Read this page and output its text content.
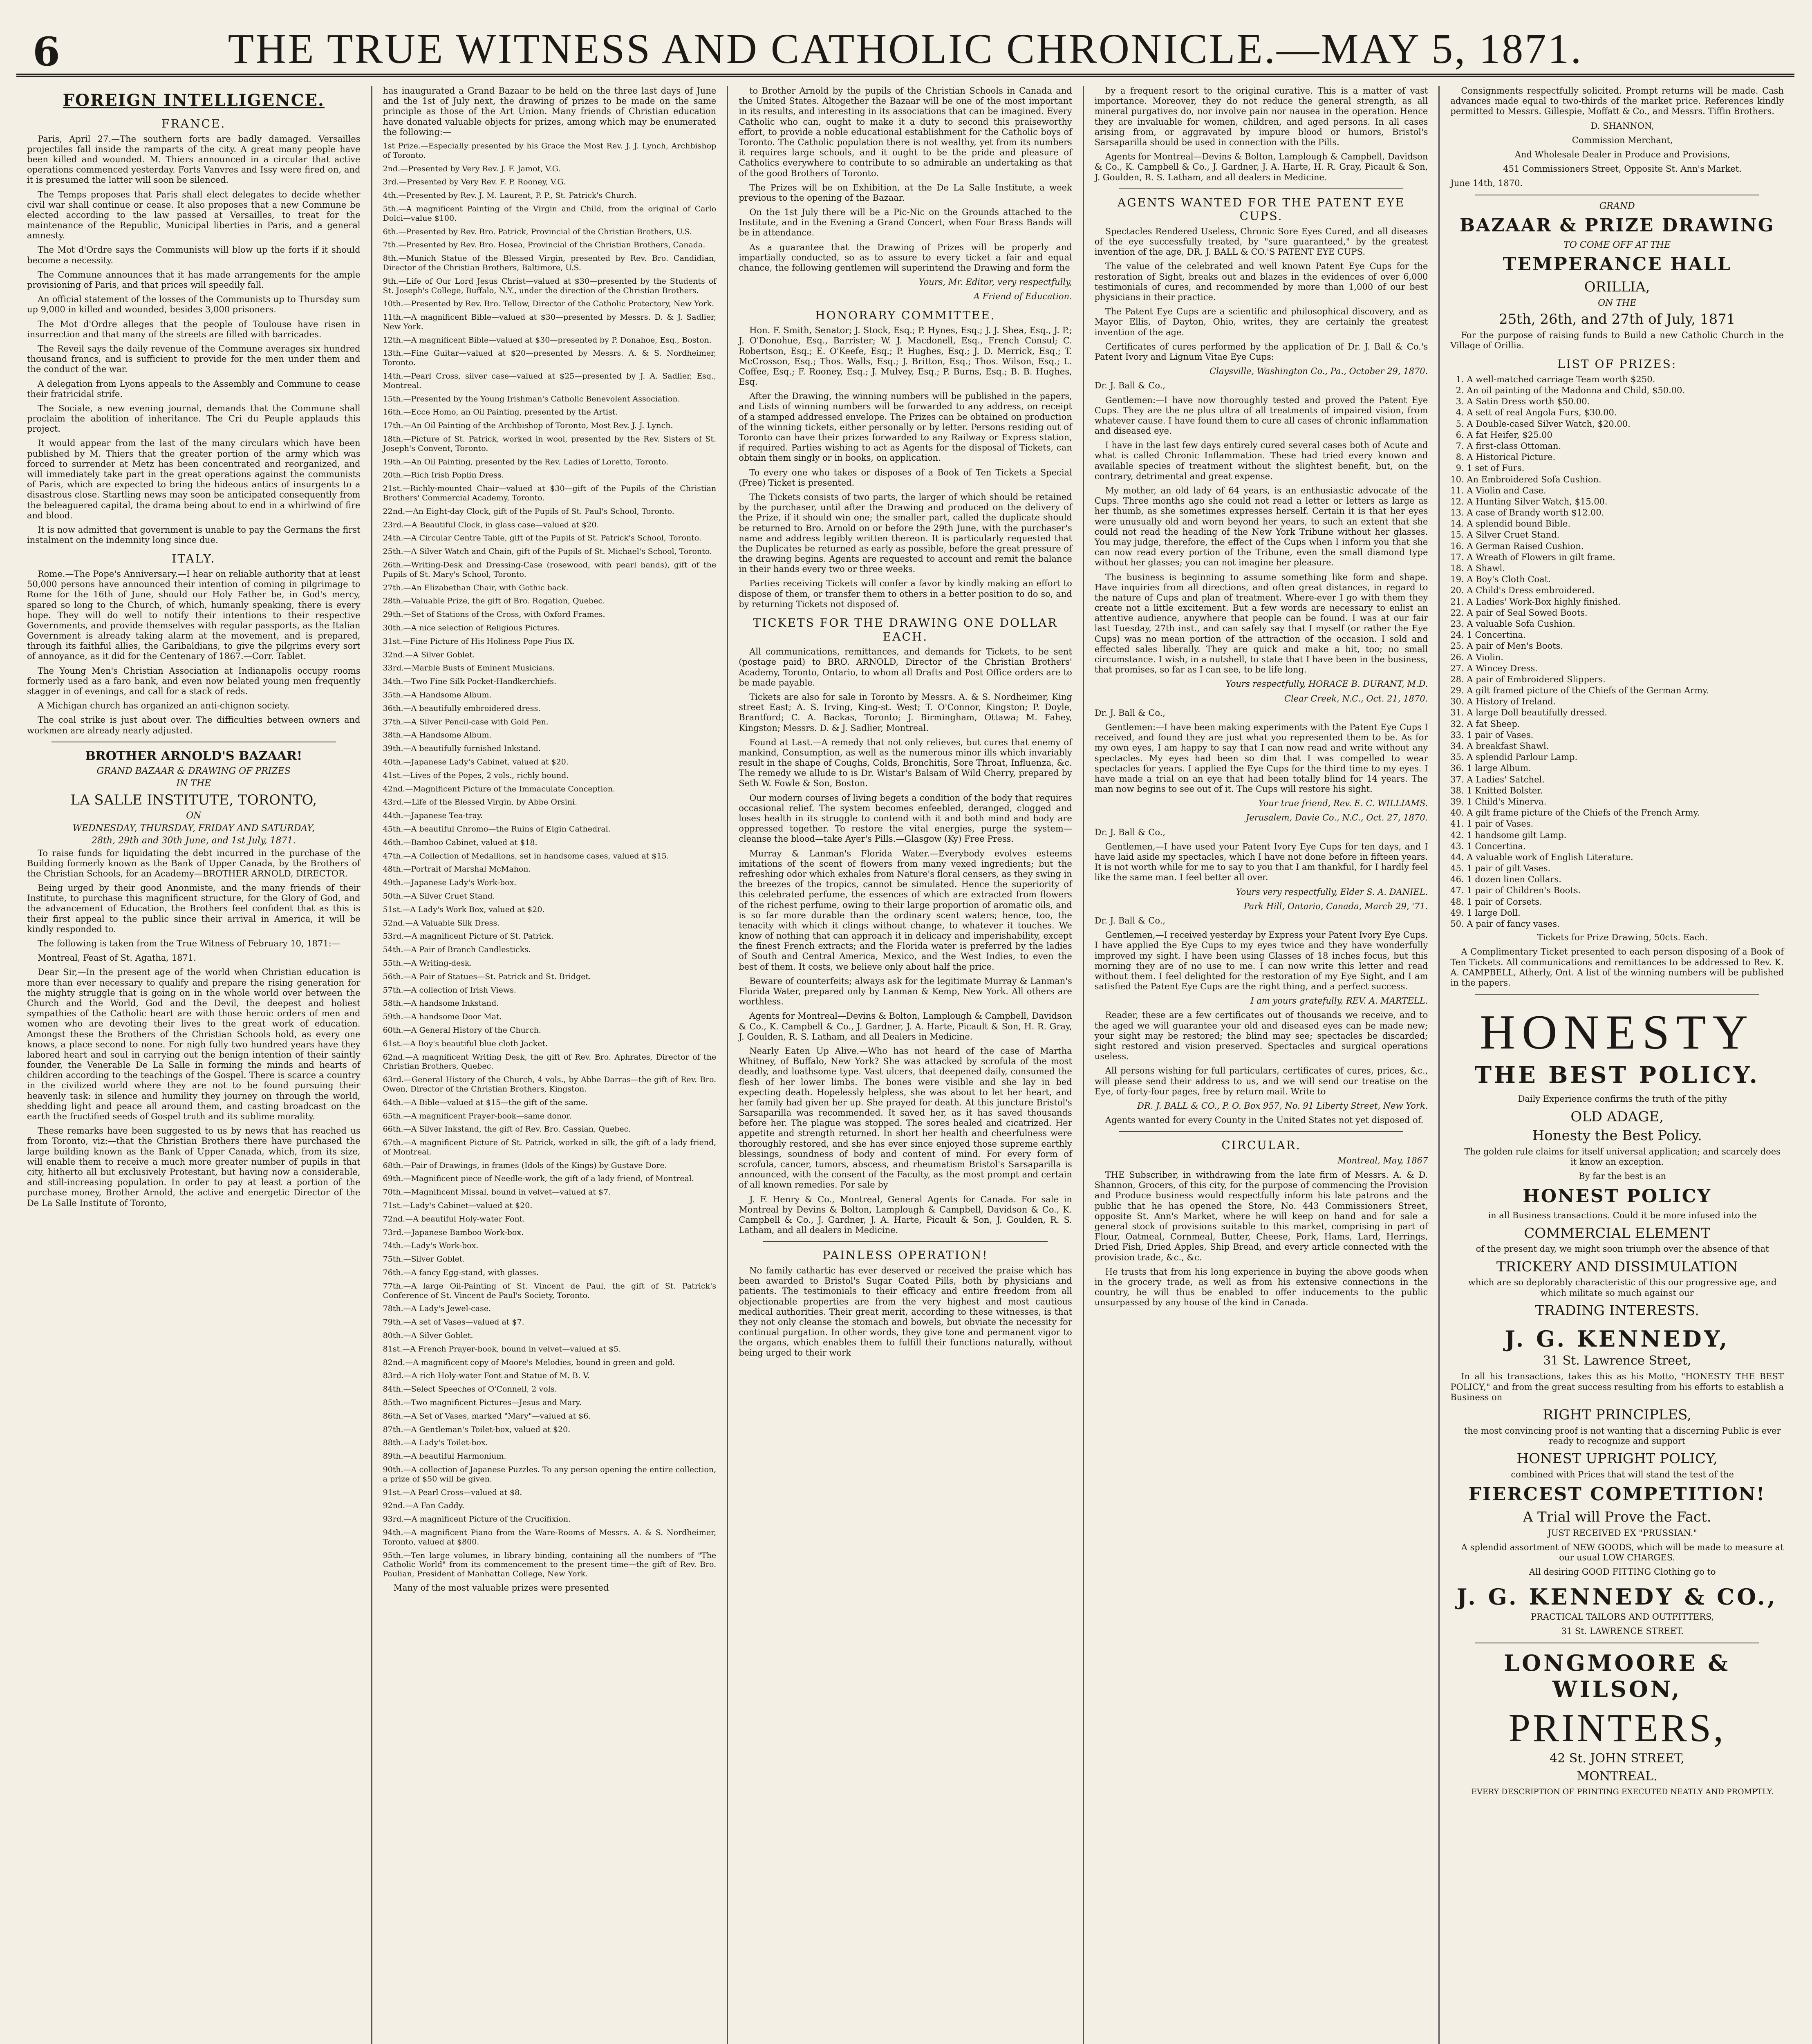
6	THE TRUE WITNESS AND CATHOLIC CHRONICLE.—MAY 5, 1871.
FOREIGN INTELLIGENCE.
FRANCE.

Paris, April 27.—The southern forts are badly damaged. Versailles projectiles fall inside the ramparts of the city. A great many people have been killed and wounded. M. Thiers announced in a circular that active operations commenced yesterday. Forts Vanvres and Issy were fired on, and it is presumed the latter will soon be silenced.

The Temps proposes that Paris shall elect delegates to decide whether civil war shall continue or cease. It also proposes that a new Commune be elected according to the law passed at Versailles, to treat for the maintenance of the Republic, Municipal liberties in Paris, and a general amnesty.

The Mot d'Ordre says the Communists will blow up the forts if it should become a necessity.

The Commune announces that it has made arrangements for the ample provisioning of Paris, and that prices will speedily fall.

An official statement of the losses of the Communists up to Thursday sum up 9,000 in killed and wounded, besides 3,000 prisoners.

The Mot d'Ordre alleges that the people of Toulouse have risen in insurrection and that many of the streets are filled with barricades.

The Reveil says the daily revenue of the Commune averages six hundred thousand francs, and is sufficient to provide for the men under them and the conduct of the war.

A delegation from Lyons appeals to the Assembly and Commune to cease their fratricidal strife.

The Sociale, a new evening journal, demands that the Commune shall proclaim the abolition of inheritance. The Cri du Peuple applauds this project.

It would appear from the last of the many circulars which have been published by M. Thiers that the greater portion of the army which was forced to surrender at Metz has been concentrated and reorganized, and will immediately take part in the great operations against the communists of Paris, which are expected to bring the hideous antics of insurgents to a disastrous close. Startling news may soon be anticipated consequently from the beleaguered capital, the drama being about to end in a whirlwind of fire and blood.

It is now admitted that government is unable to pay the Germans the first instalment on the indemnity long since due.

ITALY.

Rome.—The Pope's Anniversary.—I hear on reliable authority that at least 50,000 persons have announced their intention of coming in pilgrimage to Rome for the 16th of June, should our Holy Father be, in God's mercy, spared so long to the Church, of which, humanly speaking, there is every hope. They will do well to notify their intentions to their respective Governments, and provide themselves with regular passports, as the Italian Government is already taking alarm at the movement, and is prepared, through its faithful allies, the Garibaldians, to give the pilgrims every sort of annoyance, as it did for the Centenary of 1867.—Corr. Tablet.

The Young Men's Christian Association at Indianapolis occupy rooms formerly used as a faro bank, and even now belated young men frequently stagger in of evenings, and call for a stack of reds.

A Michigan church has organized an anti-chignon society.

The coal strike is just about over. The difficulties between owners and workmen are already nearly adjusted.

BROTHER ARNOLD'S BAZAAR!
GRAND BAZAAR & DRAWING OF PRIZES
IN THE
LA SALLE INSTITUTE, TORONTO,
ON
WEDNESDAY, THURSDAY, FRIDAY AND SATURDAY,
28th, 29th and 30th June, and 1st July, 1871.

To raise funds for liquidating the debt incurred in the purchase of the Building formerly known as the Bank of Upper Canada, by the Brothers of the Christian Schools, for an Academy—BROTHER ARNOLD, DIRECTOR.

Being urged by their good Anonmiste, and the many friends of their Institute, to purchase this magnificent structure, for the Glory of God, and the advancement of Education, the Brothers feel confident that as this is their first appeal to the public since their arrival in America, it will be kindly responded to.

The following is taken from the True Witness of February 10, 1871:—

Montreal, Feast of St. Agatha, 1871.

Dear Sir,—In the present age of the world when Christian education is more than ever necessary to qualify and prepare the rising generation for the mighty struggle that is going on in the whole world over between the Church and the World, God and the Devil, the deepest and holiest sympathies of the Catholic heart are with those heroic orders of men and women who are devoting their lives to the great work of education. Amongst these the Brothers of the Christian Schools hold, as every one knows, a place second to none. For nigh fully two hundred years have they labored heart and soul in carrying out the benign intention of their saintly founder, the Venerable De La Salle in forming the minds and hearts of children according to the teachings of the Gospel. There is scarce a country in the civilized world where they are not to be found pursuing their heavenly task: in silence and humility they journey on through the world, shedding light and peace all around them, and casting broadcast on the earth the fructified seeds of Gospel truth and its sublime morality.

These remarks have been suggested to us by news that has reached us from Toronto, viz:—that the Christian Brothers there have purchased the large building known as the Bank of Upper Canada, which, from its size, will enable them to receive a much more greater number of pupils in that city, hitherto all but exclusively Protestant, but having now a considerable, and still-increasing population. In order to pay at least a portion of the purchase money, Brother Arnold, the active and energetic Director of the De La Salle Institute of Toronto,

has inaugurated a Grand Bazaar to be held on the three last days of June and the 1st of July next, the drawing of prizes to be made on the same principle as those of the Art Union. Many friends of Christian education have donated valuable objects for prizes, among which may be enumerated the following:—

1st Prize.—Especially presented by his Grace the Most Rev. J. J. Lynch, Archbishop of Toronto.

2nd.—Presented by Very Rev. J. F. Jamot, V.G.

3rd.—Presented by Very Rev. F. P. Rooney, V.G.

4th.—Presented by Rev. J. M. Laurent, P. P., St. Patrick's Church.

5th.—A magnificent Painting of the Virgin and Child, from the original of Carlo Dolci—value $100.

6th.—Presented by Rev. Bro. Patrick, Provincial of the Christian Brothers, U.S.

7th.—Presented by Rev. Bro. Hosea, Provincial of the Christian Brothers, Canada.

8th.—Munich Statue of the Blessed Virgin, presented by Rev. Bro. Candidian, Director of the Christian Brothers, Baltimore, U.S.

9th.—Life of Our Lord Jesus Christ—valued at $30—presented by the Students of St. Joseph's College, Buffalo, N.Y., under the direction of the Christian Brothers.

10th.—Presented by Rev. Bro. Tellow, Director of the Catholic Protectory, New York.

11th.—A magnificent Bible—valued at $30—presented by Messrs. D. & J. Sadlier, New York.

12th.—A magnificent Bible—valued at $30—presented by P. Donahoe, Esq., Boston.

13th.—Fine Guitar—valued at $20—presented by Messrs. A. & S. Nordheimer, Toronto.

14th.—Pearl Cross, silver case—valued at $25—presented by J. A. Sadlier, Esq., Montreal.

15th.—Presented by the Young Irishman's Catholic Benevolent Association.

16th.—Ecce Homo, an Oil Painting, presented by the Artist.

17th.—An Oil Painting of the Archbishop of Toronto, Most Rev. J. J. Lynch.

18th.—Picture of St. Patrick, worked in wool, presented by the Rev. Sisters of St. Joseph's Convent, Toronto.

19th.—An Oil Painting, presented by the Rev. Ladies of Loretto, Toronto.

20th.—Rich Irish Poplin Dress.

21st.—Richly-mounted Chair—valued at $30—gift of the Pupils of the Christian Brothers' Commercial Academy, Toronto.

22nd.—An Eight-day Clock, gift of the Pupils of St. Paul's School, Toronto.

23rd.—A Beautiful Clock, in glass case—valued at $20.

24th.—A Circular Centre Table, gift of the Pupils of St. Patrick's School, Toronto.

25th.—A Silver Watch and Chain, gift of the Pupils of St. Michael's School, Toronto.

26th.—Writing-Desk and Dressing-Case (rosewood, with pearl bands), gift of the Pupils of St. Mary's School, Toronto.

27th.—An Elizabethan Chair, with Gothic back.

28th.—Valuable Prize, the gift of Bro. Rogation, Quebec.

29th.—Set of Stations of the Cross, with Oxford Frames.

30th.—A nice selection of Religious Pictures.

31st.—Fine Picture of His Holiness Pope Pius IX.

32nd.—A Silver Goblet.

33rd.—Marble Busts of Eminent Musicians.

34th.—Two Fine Silk Pocket-Handkerchiefs.

35th.—A Handsome Album.

36th.—A beautifully embroidered dress.

37th.—A Silver Pencil-case with Gold Pen.

38th.—A Handsome Album.

39th.—A beautifully furnished Inkstand.

40th.—Japanese Lady's Cabinet, valued at $20.

41st.—Lives of the Popes, 2 vols., richly bound.

42nd.—Magnificent Picture of the Immaculate Conception.

43rd.—Life of the Blessed Virgin, by Abbe Orsini.

44th.—Japanese Tea-tray.

45th.—A beautiful Chromo—the Ruins of Elgin Cathedral.

46th.—Bamboo Cabinet, valued at $18.

47th.—A Collection of Medallions, set in handsome cases, valued at $15.

48th.—Portrait of Marshal McMahon.

49th.—Japanese Lady's Work-box.

50th.—A Silver Cruet Stand.

51st.—A Lady's Work Box, valued at $20.

52nd.—A Valuable Silk Dress.

53rd.—A magnificent Picture of St. Patrick.

54th.—A Pair of Branch Candlesticks.

55th.—A Writing-desk.

56th.—A Pair of Statues—St. Patrick and St. Bridget.

57th.—A collection of Irish Views.

58th.—A handsome Inkstand.

59th.—A handsome Door Mat.

60th.—A General History of the Church.

61st.—A Boy's beautiful blue cloth Jacket.

62nd.—A magnificent Writing Desk, the gift of Rev. Bro. Aphrates, Director of the Christian Brothers, Quebec.

63rd.—General History of the Church, 4 vols., by Abbe Darras—the gift of Rev. Bro. Owen, Director of the Christian Brothers, Kingston.

64th.—A Bible—valued at $15—the gift of the same.

65th.—A magnificent Prayer-book—same donor.

66th.—A Silver Inkstand, the gift of Rev. Bro. Cassian, Quebec.

67th.—A magnificent Picture of St. Patrick, worked in silk, the gift of a lady friend, of Montreal.

68th.—Pair of Drawings, in frames (Idols of the Kings) by Gustave Dore.

69th.—Magnificent piece of Needle-work, the gift of a lady friend, of Montreal.

70th.—Magnificent Missal, bound in velvet—valued at $7.

71st.—Lady's Cabinet—valued at $20.

72nd.—A beautiful Holy-water Font.

73rd.—Japanese Bamboo Work-box.

74th.—Lady's Work-box.

75th.—Silver Goblet.

76th.—A fancy Egg-stand, with glasses.

77th.—A large Oil-Painting of St. Vincent de Paul, the gift of St. Patrick's Conference of St. Vincent de Paul's Society, Toronto.

78th.—A Lady's Jewel-case.

79th.—A set of Vases—valued at $7.

80th.—A Silver Goblet.

81st.—A French Prayer-book, bound in velvet—valued at $5.

82nd.—A magnificent copy of Moore's Melodies, bound in green and gold.

83rd.—A rich Holy-water Font and Statue of M. B. V.

84th.—Select Speeches of O'Connell, 2 vols.

85th.—Two magnificent Pictures—Jesus and Mary.

86th.—A Set of Vases, marked "Mary"—valued at $6.

87th.—A Gentleman's Toilet-box, valued at $20.

88th.—A Lady's Toilet-box.

89th.—A beautiful Harmonium.

90th.—A collection of Japanese Puzzles. To any person opening the entire collection, a prize of $50 will be given.

91st.—A Pearl Cross—valued at $8.

92nd.—A Fan Caddy.

93rd.—A magnificent Picture of the Crucifixion.

94th.—A magnificent Piano from the Ware-Rooms of Messrs. A. & S. Nordheimer, Toronto, valued at $800.

95th.—Ten large volumes, in library binding, containing all the numbers of "The Catholic World" from its commencement to the present time—the gift of Rev. Bro. Paulian, President of Manhattan College, New York.

Many of the most valuable prizes were presented

to Brother Arnold by the pupils of the Christian Schools in Canada and the United States. Altogether the Bazaar will be one of the most important in its results, and interesting in its associations that can be imagined. Every Catholic who can, ought to make it a duty to second this praiseworthy effort, to provide a noble educational establishment for the Catholic boys of Toronto. The Catholic population there is not wealthy, yet from its numbers it requires large schools, and it ought to be the pride and pleasure of Catholics everywhere to contribute to so admirable an undertaking as that of the good Brothers of Toronto.

The Prizes will be on Exhibition, at the De La Salle Institute, a week previous to the opening of the Bazaar.

On the 1st July there will be a Pic-Nic on the Grounds attached to the Institute, and in the Evening a Grand Concert, when Four Brass Bands will be in attendance.

As a guarantee that the Drawing of Prizes will be properly and impartially conducted, so as to assure to every ticket a fair and equal chance, the following gentlemen will superintend the Drawing and form the

Yours, Mr. Editor, very respectfully,
A Friend of Education.
HONORARY COMMITTEE.

Hon. F. Smith, Senator; J. Stock, Esq.; P. Hynes, Esq.; J. J. Shea, Esq., J. P.; J. O'Donohue, Esq., Barrister; W. J. Macdonell, Esq., French Consul; C. Robertson, Esq.; E. O'Keefe, Esq.; P. Hughes, Esq.; J. D. Merrick, Esq.; T. McCrosson, Esq.; Thos. Walls, Esq.; J. Britton, Esq.; Thos. Wilson, Esq.; L. Coffee, Esq.; F. Rooney, Esq.; J. Mulvey, Esq.; P. Burns, Esq.; B. B. Hughes, Esq.

After the Drawing, the winning numbers will be published in the papers, and Lists of winning numbers will be forwarded to any address, on receipt of a stamped addressed envelope. The Prizes can be obtained on production of the winning tickets, either personally or by letter. Persons residing out of Toronto can have their prizes forwarded to any Railway or Express station, if required. Parties wishing to act as Agents for the disposal of Tickets, can obtain them singly or in books, on application.

To every one who takes or disposes of a Book of Ten Tickets a Special (Free) Ticket is presented.

The Tickets consists of two parts, the larger of which should be retained by the purchaser, until after the Drawing and produced on the delivery of the Prize, if it should win one; the smaller part, called the duplicate should be returned to Bro. Arnold on or before the 29th June, with the purchaser's name and address legibly written thereon. It is particularly requested that the Duplicates be returned as early as possible, before the great pressure of the drawing begins. Agents are requested to account and remit the balance in their hands every two or three weeks.

Parties receiving Tickets will confer a favor by kindly making an effort to dispose of them, or transfer them to others in a better position to do so, and by returning Tickets not disposed of.

TICKETS FOR THE DRAWING ONE DOLLAR EACH.

All communications, remittances, and demands for Tickets, to be sent (postage paid) to BRO. ARNOLD, Director of the Christian Brothers' Academy, Toronto, Ontario, to whom all Drafts and Post Office orders are to be made payable.

Tickets are also for sale in Toronto by Messrs. A. & S. Nordheimer, King street East; A. S. Irving, King-st. West; T. O'Connor, Kingston; P. Doyle, Brantford; C. A. Backas, Toronto; J. Birmingham, Ottawa; M. Fahey, Kingston; Messrs. D. & J. Sadlier, Montreal.

Found at Last.—A remedy that not only relieves, but cures that enemy of mankind, Consumption, as well as the numerous minor ills which invariably result in the shape of Coughs, Colds, Bronchitis, Sore Throat, Influenza, &c. The remedy we allude to is Dr. Wistar's Balsam of Wild Cherry, prepared by Seth W. Fowle & Son, Boston.

Our modern courses of living begets a condition of the body that requires occasional relief. The system becomes enfeebled, deranged, clogged and loses health in its struggle to contend with it and both mind and body are oppressed together. To restore the vital energies, purge the system—cleanse the blood—take Ayer's Pills.—Glasgow (Ky) Free Press.

Murray & Lanman's Florida Water.—Everybody evolves esteems imitations of the scent of flowers from many vexed ingredients; but the refreshing odor which exhales from Nature's floral censers, as they swing in the breezes of the tropics, cannot be simulated. Hence the superiority of this celebrated perfume, the essences of which are extracted from flowers of the richest perfume, owing to their large proportion of aromatic oils, and is so far more durable than the ordinary scent waters; hence, too, the tenacity with which it clings without change, to whatever it touches. We know of nothing that can approach it in delicacy and imperishability, except the finest French extracts; and the Florida water is preferred by the ladies of South and Central America, Mexico, and the West Indies, to even the best of them. It costs, we believe only about half the price.

Beware of counterfeits; always ask for the legitimate Murray & Lanman's Florida Water, prepared only by Lanman & Kemp, New York. All others are worthless.

Agents for Montreal—Devins & Bolton, Lamplough & Campbell, Davidson & Co., K. Campbell & Co., J. Gardner, J. A. Harte, Picault & Son, H. R. Gray, J. Goulden, R. S. Latham, and all Dealers in Medicine.

Nearly Eaten Up Alive.—Who has not heard of the case of Martha Whitney, of Buffalo, New York? She was attacked by scrofula of the most deadly, and loathsome type. Vast ulcers, that deepened daily, consumed the flesh of her lower limbs. The bones were visible and she lay in bed expecting death. Hopelessly helpless, she was about to let her heart, and her family had given her up. She prayed for death. At this juncture Bristol's Sarsaparilla was recommended. It saved her, as it has saved thousands before her. The plague was stopped. The sores healed and cicatrized. Her appetite and strength returned. In short her health and cheerfulness were thoroughly restored, and she has ever since enjoyed those supreme earthly blessings, soundness of body and content of mind. For every form of scrofula, cancer, tumors, abscess, and rheumatism Bristol's Sarsaparilla is announced, with the consent of the Faculty, as the most prompt and certain of all known remedies. For sale by

J. F. Henry & Co., Montreal, General Agents for Canada. For sale in Montreal by Devins & Bolton, Lamplough & Campbell, Davidson & Co., K. Campbell & Co., J. Gardner, J. A. Harte, Picault & Son, J. Goulden, R. S. Latham, and all dealers in Medicine.

PAINLESS OPERATION!

No family cathartic has ever deserved or received the praise which has been awarded to Bristol's Sugar Coated Pills, both by physicians and patients. The testimonials to their efficacy and entire freedom from all objectionable properties are from the very highest and most cautious medical authorities. Their great merit, according to these witnesses, is that they not only cleanse the stomach and bowels, but obviate the necessity for continual purgation. In other words, they give tone and permanent vigor to the organs, which enables them to fulfill their functions naturally, without being urged to their work

by a frequent resort to the original curative. This is a matter of vast importance. Moreover, they do not reduce the general strength, as all mineral purgatives do, nor involve pain nor nausea in the operation. Hence they are invaluable for women, children, and aged persons. In all cases arising from, or aggravated by impure blood or humors, Bristol's Sarsaparilla should be used in connection with the Pills.

Agents for Montreal—Devins & Bolton, Lamplough & Campbell, Davidson & Co., K. Campbell & Co., J. Gardner, J. A. Harte, H. R. Gray, Picault & Son, J. Goulden, R. S. Latham, and all dealers in Medicine.

AGENTS WANTED FOR THE PATENT EYE CUPS.

Spectacles Rendered Useless, Chronic Sore Eyes Cured, and all diseases of the eye successfully treated, by "sure guaranteed," by the greatest invention of the age, DR. J. BALL & CO.'S PATENT EYE CUPS.

The value of the celebrated and well known Patent Eye Cups for the restoration of Sight, breaks out and blazes in the evidences of over 6,000 testimonials of cures, and recommended by more than 1,000 of our best physicians in their practice.

The Patent Eye Cups are a scientific and philosophical discovery, and as Mayor Ellis, of Dayton, Ohio, writes, they are certainly the greatest invention of the age.

Certificates of cures performed by the application of Dr. J. Ball & Co.'s Patent Ivory and Lignum Vitae Eye Cups:

Claysville, Washington Co., Pa., October 29, 1870.

Dr. J. Ball & Co.,

Gentlemen:—I have now thoroughly tested and proved the Patent Eye Cups. They are the ne plus ultra of all treatments of impaired vision, from whatever cause. I have found them to cure all cases of chronic inflammation and diseased eye.

I have in the last few days entirely cured several cases both of Acute and what is called Chronic Inflammation. These had tried every known and available species of treatment without the slightest benefit, but, on the contrary, detrimental and great expense.

My mother, an old lady of 64 years, is an enthusiastic advocate of the Cups. Three months ago she could not read a letter or letters as large as her thumb, as she sometimes expresses herself. Certain it is that her eyes were unusually old and worn beyond her years, to such an extent that she could not read the heading of the New York Tribune without her glasses. You may judge, therefore, the effect of the Cups when I inform you that she can now read every portion of the Tribune, even the small diamond type without her glasses; you can not imagine her pleasure.

The business is beginning to assume something like form and shape. Have inquiries from all directions, and often great distances, in regard to the nature of Cups and plan of treatment. Where-ever I go with them they create not a little excitement. But a few words are necessary to enlist an attentive audience, anywhere that people can be found. I was at our fair last Tuesday, 27th inst., and can safely say that I myself (or rather the Eye Cups) was no mean portion of the attraction of the occasion. I sold and effected sales liberally. They are quick and make a hit, too; no small circumstance. I wish, in a nutshell, to state that I have been in the business, that promises, so far as I can see, to be life long.

Yours respectfully, HORACE B. DURANT, M.D.
Clear Creek, N.C., Oct. 21, 1870.

Dr. J. Ball & Co.,

Gentlemen:—I have been making experiments with the Patent Eye Cups I received, and found they are just what you represented them to be. As for my own eyes, I am happy to say that I can now read and write without any spectacles. My eyes had been so dim that I was compelled to wear spectacles for years. I applied the Eye Cups for the third time to my eyes. I have made a trial on an eye that had been totally blind for 14 years. The man now begins to see out of it. The Cups will restore his sight.

Your true friend, Rev. E. C. WILLIAMS.
Jerusalem, Davie Co., N.C., Oct. 27, 1870.

Dr. J. Ball & Co.,

Gentlemen,—I have used your Patent Ivory Eye Cups for ten days, and I have laid aside my spectacles, which I have not done before in fifteen years. It is not worth while for me to say to you that I am thankful, for I hardly feel like the same man. I feel better all over.

Yours very respectfully, Elder S. A. DANIEL.
Park Hill, Ontario, Canada, March 29, '71.

Dr. J. Ball & Co.,

Gentlemen,—I received yesterday by Express your Patent Ivory Eye Cups. I have applied the Eye Cups to my eyes twice and they have wonderfully improved my sight. I have been using Glasses of 18 inches focus, but this morning they are of no use to me. I can now write this letter and read without them. I feel delighted for the restoration of my Eye Sight, and I am satisfied the Patent Eye Cups are the right thing, and a perfect success.

I am yours gratefully, REV. A. MARTELL.

Reader, these are a few certificates out of thousands we receive, and to the aged we will guarantee your old and diseased eyes can be made new; your sight may be restored; the blind may see; spectacles be discarded; sight restored and vision preserved. Spectacles and surgical operations useless.

All persons wishing for full particulars, certificates of cures, prices, &c., will please send their address to us, and we will send our treatise on the Eye, of forty-four pages, free by return mail. Write to

DR. J. BALL & CO., P. O. Box 957, No. 91 Liberty Street, New York.

Agents wanted for every County in the United States not yet disposed of.

CIRCULAR.
Montreal, May, 1867

THE Subscriber, in withdrawing from the late firm of Messrs. A. & D. Shannon, Grocers, of this city, for the purpose of commencing the Provision and Produce business would respectfully inform his late patrons and the public that he has opened the Store, No. 443 Commissioners Street, opposite St. Ann's Market, where he will keep on hand and for sale a general stock of provisions suitable to this market, comprising in part of Flour, Oatmeal, Cornmeal, Butter, Cheese, Pork, Hams, Lard, Herrings, Dried Fish, Dried Apples, Ship Bread, and every article connected with the provision trade, &c., &c.

He trusts that from his long experience in buying the above goods when in the grocery trade, as well as from his extensive connections in the country, he will thus be enabled to offer inducements to the public unsurpassed by any house of the kind in Canada.

Consignments respectfully solicited. Prompt returns will be made. Cash advances made equal to two-thirds of the market price. References kindly permitted to Messrs. Gillespie, Moffatt & Co., and Messrs. Tiffin Brothers.

D. SHANNON,

Commission Merchant,

And Wholesale Dealer in Produce and Provisions,

451 Commissioners Street, Opposite St. Ann's Market.

June 14th, 1870.

GRAND
BAZAAR & PRIZE DRAWING
TO COME OFF AT THE
TEMPERANCE HALL
ORILLIA,
ON THE
25th, 26th, and 27th of July, 1871

For the purpose of raising funds to Build a new Catholic Church in the Village of Orillia.

LIST OF PRIZES:
1. A well-matched carriage Team worth $250.
2. An oil painting of the Madonna and Child, $50.00.
3. A Satin Dress worth $50.00.
4. A sett of real Angola Furs, $30.00.
5. A Double-cased Silver Watch, $20.00.
6. A fat Heifer, $25.00
7. A first-class Ottoman.
8. A Historical Picture.
9. 1 set of Furs.
10. An Embroidered Sofa Cushion.
11. A Violin and Case.
12. A Hunting Silver Watch, $15.00.
13. A case of Brandy worth $12.00.
14. A splendid bound Bible.
15. A Silver Cruet Stand.
16. A German Raised Cushion.
17. A Wreath of Flowers in gilt frame.
18. A Shawl.
19. A Boy's Cloth Coat.
20. A Child's Dress embroidered.
21. A Ladies' Work-Box highly finished.
22. A pair of Seal Sowed Boots.
23. A valuable Sofa Cushion.
24. 1 Concertina.
25. A pair of Men's Boots.
26. A Violin.
27. A Wincey Dress.
28. A pair of Embroidered Slippers.
29. A gilt framed picture of the Chiefs of the German Army.
30. A History of Ireland.
31. A large Doll beautifully dressed.
32. A fat Sheep.
33. 1 pair of Vases.
34. A breakfast Shawl.
35. A splendid Parlour Lamp.
36. 1 large Album.
37. A Ladies' Satchel.
38. 1 Knitted Bolster.
39. 1 Child's Minerva.
40. A gilt frame picture of the Chiefs of the French Army.
41. 1 pair of Vases.
42. 1 handsome gilt Lamp.
43. 1 Concertina.
44. A valuable work of English Literature.
45. 1 pair of gilt Vases.
46. 1 dozen linen Collars.
47. 1 pair of Children's Boots.
48. 1 pair of Corsets.
49. 1 large Doll.
50. A pair of fancy vases.

Tickets for Prize Drawing, 50cts. Each.

A Complimentary Ticket presented to each person disposing of a Book of Ten Tickets. All communications and remittances to be addressed to Rev. K. A. CAMPBELL, Atherly, Ont. A list of the winning numbers will be published in the papers.

HONESTY
THE BEST POLICY.

Daily Experience confirms the truth of the pithy

OLD ADAGE,
Honesty the Best Policy.

The golden rule claims for itself universal application; and scarcely does it know an exception.

By far the best is an

HONEST POLICY

in all Business transactions. Could it be more infused into the

COMMERCIAL ELEMENT

of the present day, we might soon triumph over the absence of that

TRICKERY AND DISSIMULATION

which are so deplorably characteristic of this our progressive age, and which militate so much against our

TRADING INTERESTS.
J. G. KENNEDY,
31 St. Lawrence Street,

In all his transactions, takes this as his Motto, "HONESTY THE BEST POLICY," and from the great success resulting from his efforts to establish a Business on

RIGHT PRINCIPLES,

the most convincing proof is not wanting that a discerning Public is ever ready to recognize and support

HONEST UPRIGHT POLICY,

combined with Prices that will stand the test of the

FIERCEST COMPETITION!
A Trial will Prove the Fact.

JUST RECEIVED EX "PRUSSIAN."

A splendid assortment of NEW GOODS, which will be made to measure at our usual LOW CHARGES.

All desiring GOOD FITTING Clothing go to

J. G. KENNEDY & CO.,

PRACTICAL TAILORS AND OUTFITTERS,

31 St. LAWRENCE STREET.

LONGMOORE & WILSON,
PRINTERS,
42 St. JOHN STREET,
MONTREAL.

EVERY DESCRIPTION OF PRINTING EXECUTED NEATLY AND PROMPTLY.
